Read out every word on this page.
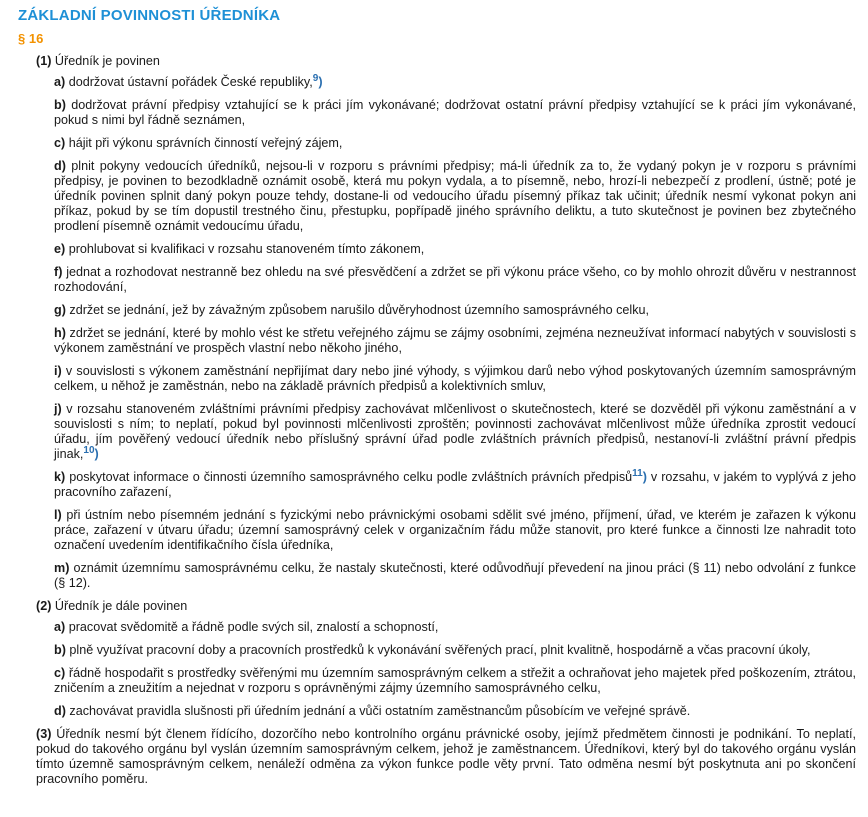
ZÁKLADNÍ POVINNOSTI ÚŘEDNÍKA
§ 16
(1) Úředník je povinen
a) dodržovat ústavní pořádek České republiky,$^9$)
b) dodržovat právní předpisy vztahující se k práci jím vykonávané; dodržovat ostatní právní předpisy vztahující se k práci jím vykonávané, pokud s nimi byl řádně seznámen,
c) hájit při výkonu správních činností veřejný zájem,
d) plnit pokyny vedoucích úředníků, nejsou-li v rozporu s právními předpisy; má-li úředník za to, že vydaný pokyn je v rozporu s právními předpisy, je povinen to bezodkladně oznámit osobě, která mu pokyn vydala, a to písemně, nebo, hrozí-li nebezpečí z prodlení, ústně; poté je úředník povinen splnit daný pokyn pouze tehdy, dostane-li od vedoucího úřadu písemný příkaz tak učinit; úředník nesmí vykonat pokyn ani příkaz, pokud by se tím dopustil trestného činu, přestupku, popřípadě jiného správního deliktu, a tuto skutečnost je povinen bez zbytečného prodlení písemně oznámit vedoucímu úřadu,
e) prohlubovat si kvalifikaci v rozsahu stanoveném tímto zákonem,
f) jednat a rozhodovat nestranně bez ohledu na své přesvědčení a zdržet se při výkonu práce všeho, co by mohlo ohrozit důvěru v nestrannost rozhodování,
g) zdržet se jednání, jež by závažným způsobem narušilo důvěryhodnost územního samosprávného celku,
h) zdržet se jednání, které by mohlo vést ke střetu veřejného zájmu se zájmy osobními, zejména nezneužívat informací nabytých v souvislosti s výkonem zaměstnání ve prospěch vlastní nebo někoho jiného,
i) v souvislosti s výkonem zaměstnání nepřijímat dary nebo jiné výhody, s výjimkou darů nebo výhod poskytovaných územním samosprávným celkem, u něhož je zaměstnán, nebo na základě právních předpisů a kolektivních smluv,
j) v rozsahu stanoveném zvláštními právními předpisy zachovávat mlčenlivost o skutečnostech, které se dozvěděl při výkonu zaměstnání a v souvislosti s ním; to neplatí, pokud byl povinnosti mlčenlivosti zproštěn; povinnosti zachovávat mlčenlivost může úředníka zprostit vedoucí úřadu, jím pověřený vedoucí úředník nebo příslušný správní úřad podle zvláštních právních předpisů, nestanoví-li zvláštní právní předpis jinak,$^{10}$)
k) poskytovat informace o činnosti územního samosprávného celku podle zvláštních právních předpisů$^{11}$) v rozsahu, v jakém to vyplývá z jeho pracovního zařazení,
l) při ústním nebo písemném jednání s fyzickými nebo právnickými osobami sdělit své jméno, příjmení, úřad, ve kterém je zařazen k výkonu práce, zařazení v útvaru úřadu; územní samosprávný celek v organizačním řádu může stanovit, pro které funkce a činnosti lze nahradit toto označení uvedením identifikačního čísla úředníka,
m) oznámit územnímu samosprávnému celku, že nastaly skutečnosti, které odůvodňují převedení na jinou práci (§ 11) nebo odvolání z funkce (§ 12).
(2) Úředník je dále povinen
a) pracovat svědomitě a řádně podle svých sil, znalostí a schopností,
b) plně využívat pracovní doby a pracovních prostředků k vykonávání svěřených prací, plnit kvalitně, hospodárně a včas pracovní úkoly,
c) řádně hospodařit s prostředky svěřenými mu územním samosprávným celkem a střežit a ochraňovat jeho majetek před poškozením, ztrátou, zničením a zneužitím a nejednat v rozporu s oprávněnými zájmy územního samosprávného celku,
d) zachovávat pravidla slušnosti při úředním jednání a vůči ostatním zaměstnancům působícím ve veřejné správě.
(3) Úředník nesmí být členem řídícího, dozorčího nebo kontrolního orgánu právnické osoby, jejímž předmětem činnosti je podnikání. To neplatí, pokud do takového orgánu byl vyslán územním samosprávným celkem, jehož je zaměstnancem. Úředníkovi, který byl do takového orgánu vyslán tímto územně samosprávným celkem, nenáleží odměna za výkon funkce podle věty první. Tato odměna nesmí být poskytnuta ani po skončení pracovního poměru.
